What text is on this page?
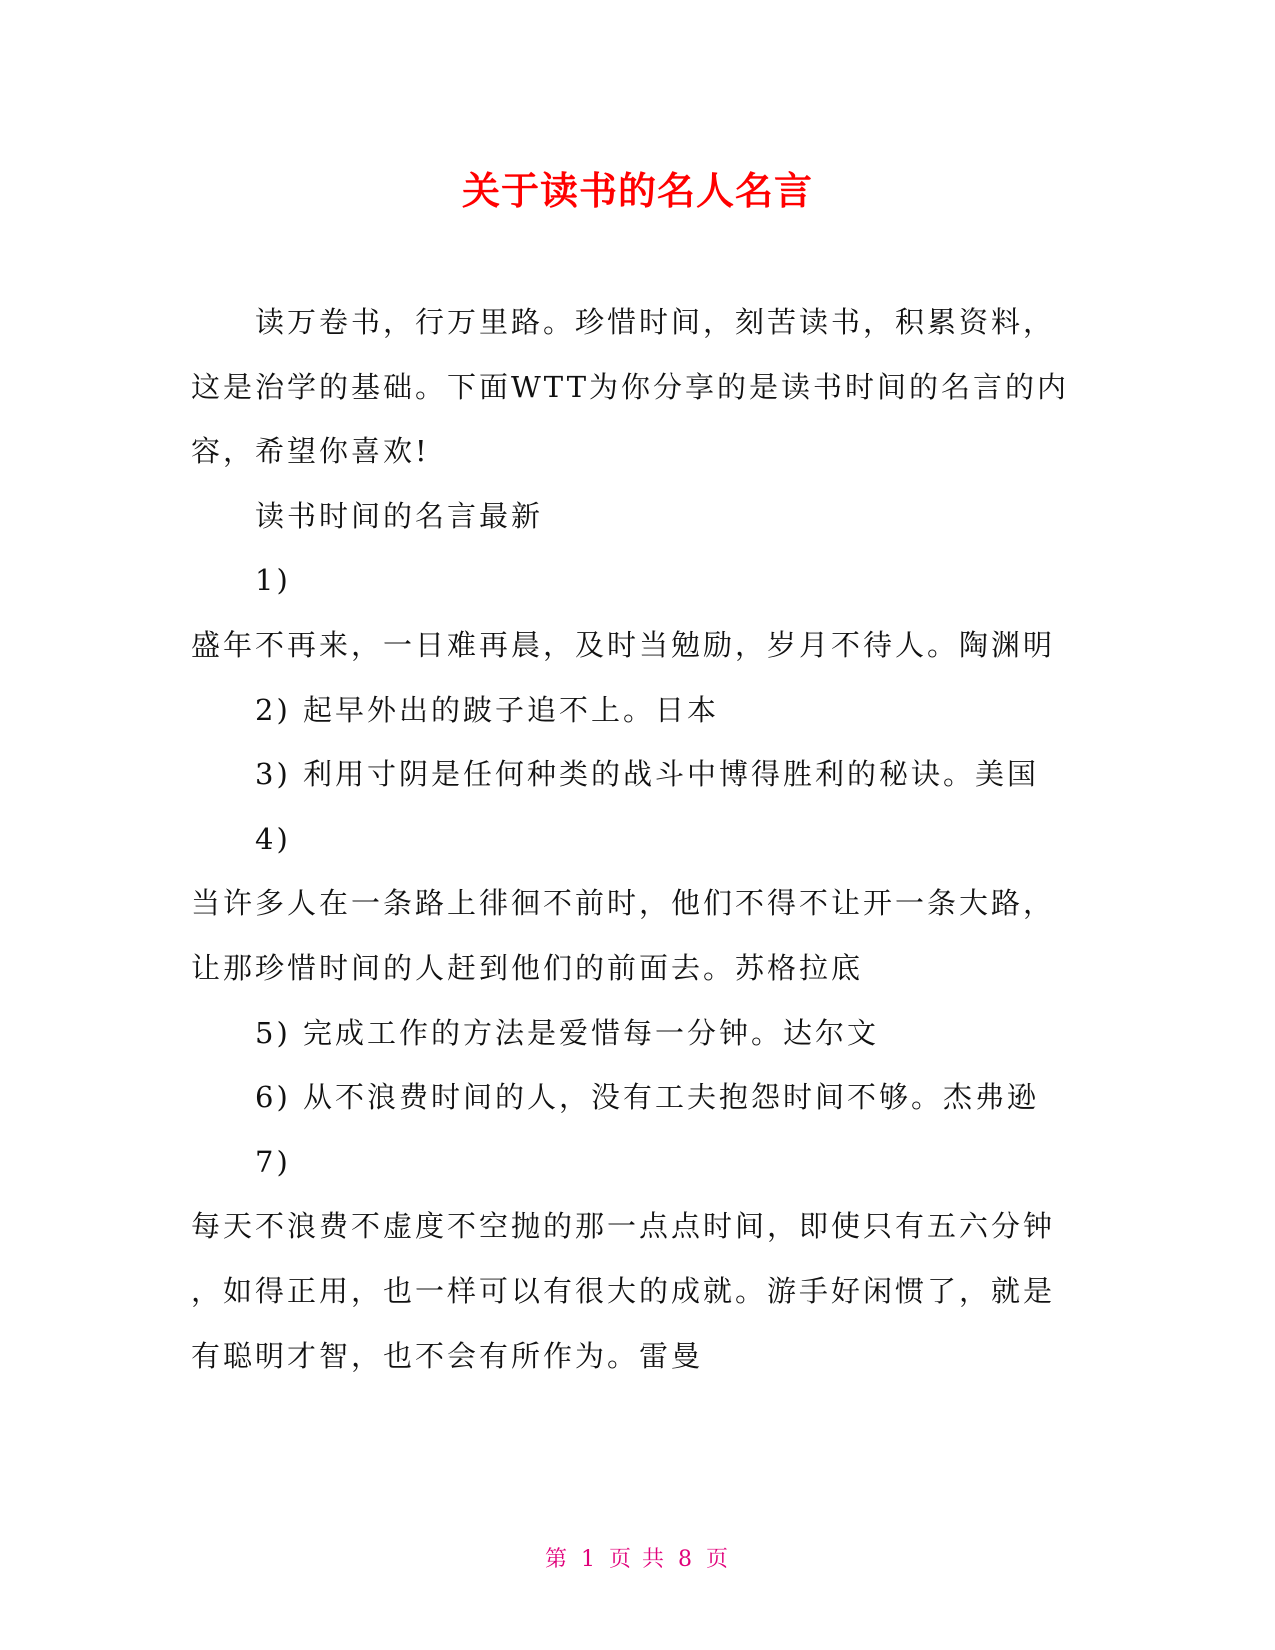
关于读书的名人名言
读万卷书，行万里路。珍惜时间，刻苦读书，积累资料，
这是治学的基础。下面WTT为你分享的是读书时间的名言的内
容，希望你喜欢!
读书时间的名言最新
1)
盛年不再来，一日难再晨，及时当勉励，岁月不待人。陶渊明
2) 起早外出的跛子追不上。日本
3) 利用寸阴是任何种类的战斗中博得胜利的秘诀。美国
4)
当许多人在一条路上徘徊不前时，他们不得不让开一条大路，
让那珍惜时间的人赶到他们的前面去。苏格拉底
5) 完成工作的方法是爱惜每一分钟。达尔文
6) 从不浪费时间的人，没有工夫抱怨时间不够。杰弗逊
7)
每天不浪费不虚度不空抛的那一点点时间，即使只有五六分钟
，如得正用，也一样可以有很大的成就。游手好闲惯了，就是
有聪明才智，也不会有所作为。雷曼
第 1 页 共 8 页
